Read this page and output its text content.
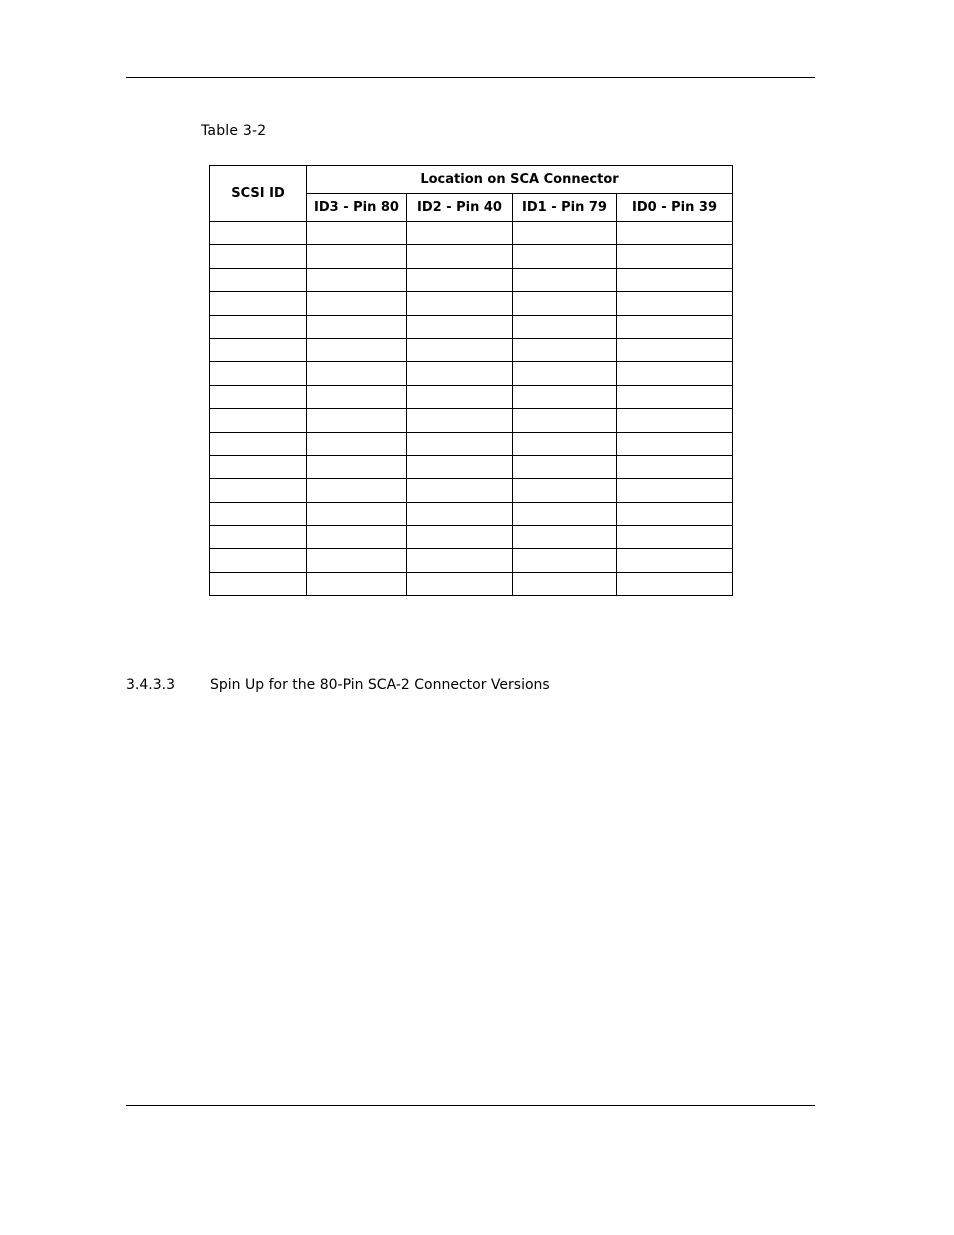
Table 3-2
SCSI ID	Location on SCA Connector			
	ID3 - Pin 80	ID2 - Pin 40	ID1 - Pin 79	ID0 - Pin 39

3.4.3.3	Spin Up for the 80-Pin SCA-2 Connector Versions
